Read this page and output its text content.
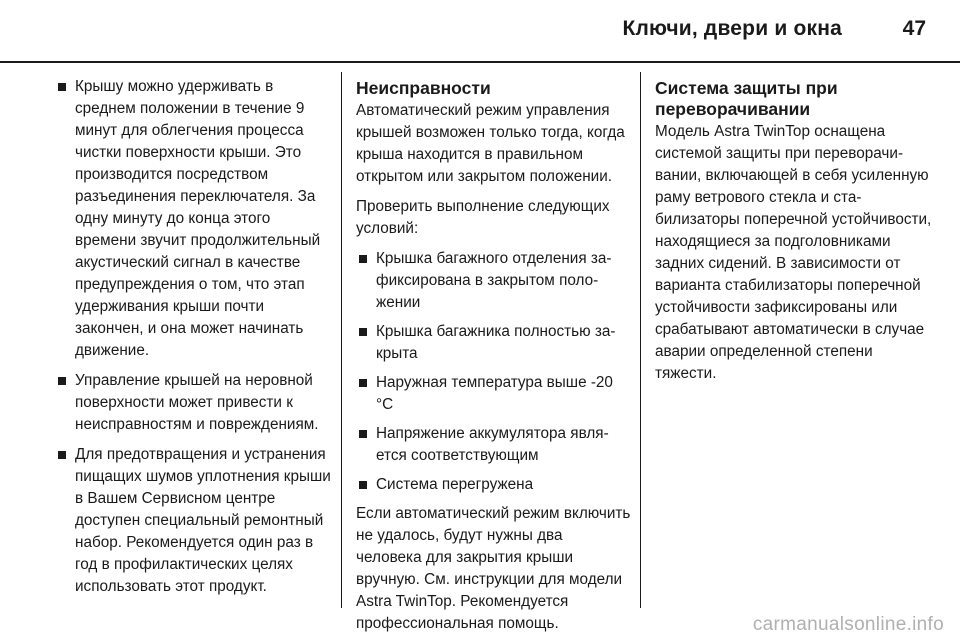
Ключи, двери и окна	47
Крышу можно удерживать в среднем положении в течение 9 минут для облегчения процесса чистки поверхности крыши. Это производится посредством разъединения переключателя. За одну минуту до конца этого времени звучит продолжительный акустический сигнал в качестве предупреждения о том, что этап удерживания крыши почти закончен, и она может начинать движение.
Управление крышей на неровной поверхности может привести к неисправностям и повреждениям.
Для предотвращения и устранения пищащих шумов уплотнения крыши в Вашем Сервисном центре доступен специальный ремонтный набор. Рекомендуется один раз в год в профилактических целях использовать этот продукт.
Неисправности

Автоматический режим управления крышей возможен только тогда, когда крыша находится в правильном открытом или закрытом положении.

Проверить выполнение следующих условий:

Крышка багажного отделения зафиксирована в закрытом положении
Крышка багажника полностью закрыта
Наружная температура выше -20 °C
Напряжение аккумулятора является соответствующим
Система перегружена

Если автоматический режим включить не удалось, будут нужны два человека для закрытия крыши вручную. См. инструкции для модели Astra TwinTop. Рекомендуется профессиональная помощь.

Система защиты при переворачивании

Модель Astra TwinTop оснащена системой защиты при переворачивании, включающей в себя усиленную раму ветрового стекла и стабилизаторы поперечной устойчивости, находящиеся за подголовниками задних сидений. В зависимости от варианта стабилизаторы поперечной устойчивости зафиксированы или срабатывают автоматически в случае аварии определенной степени тяжести.

carmanualsonline.info
